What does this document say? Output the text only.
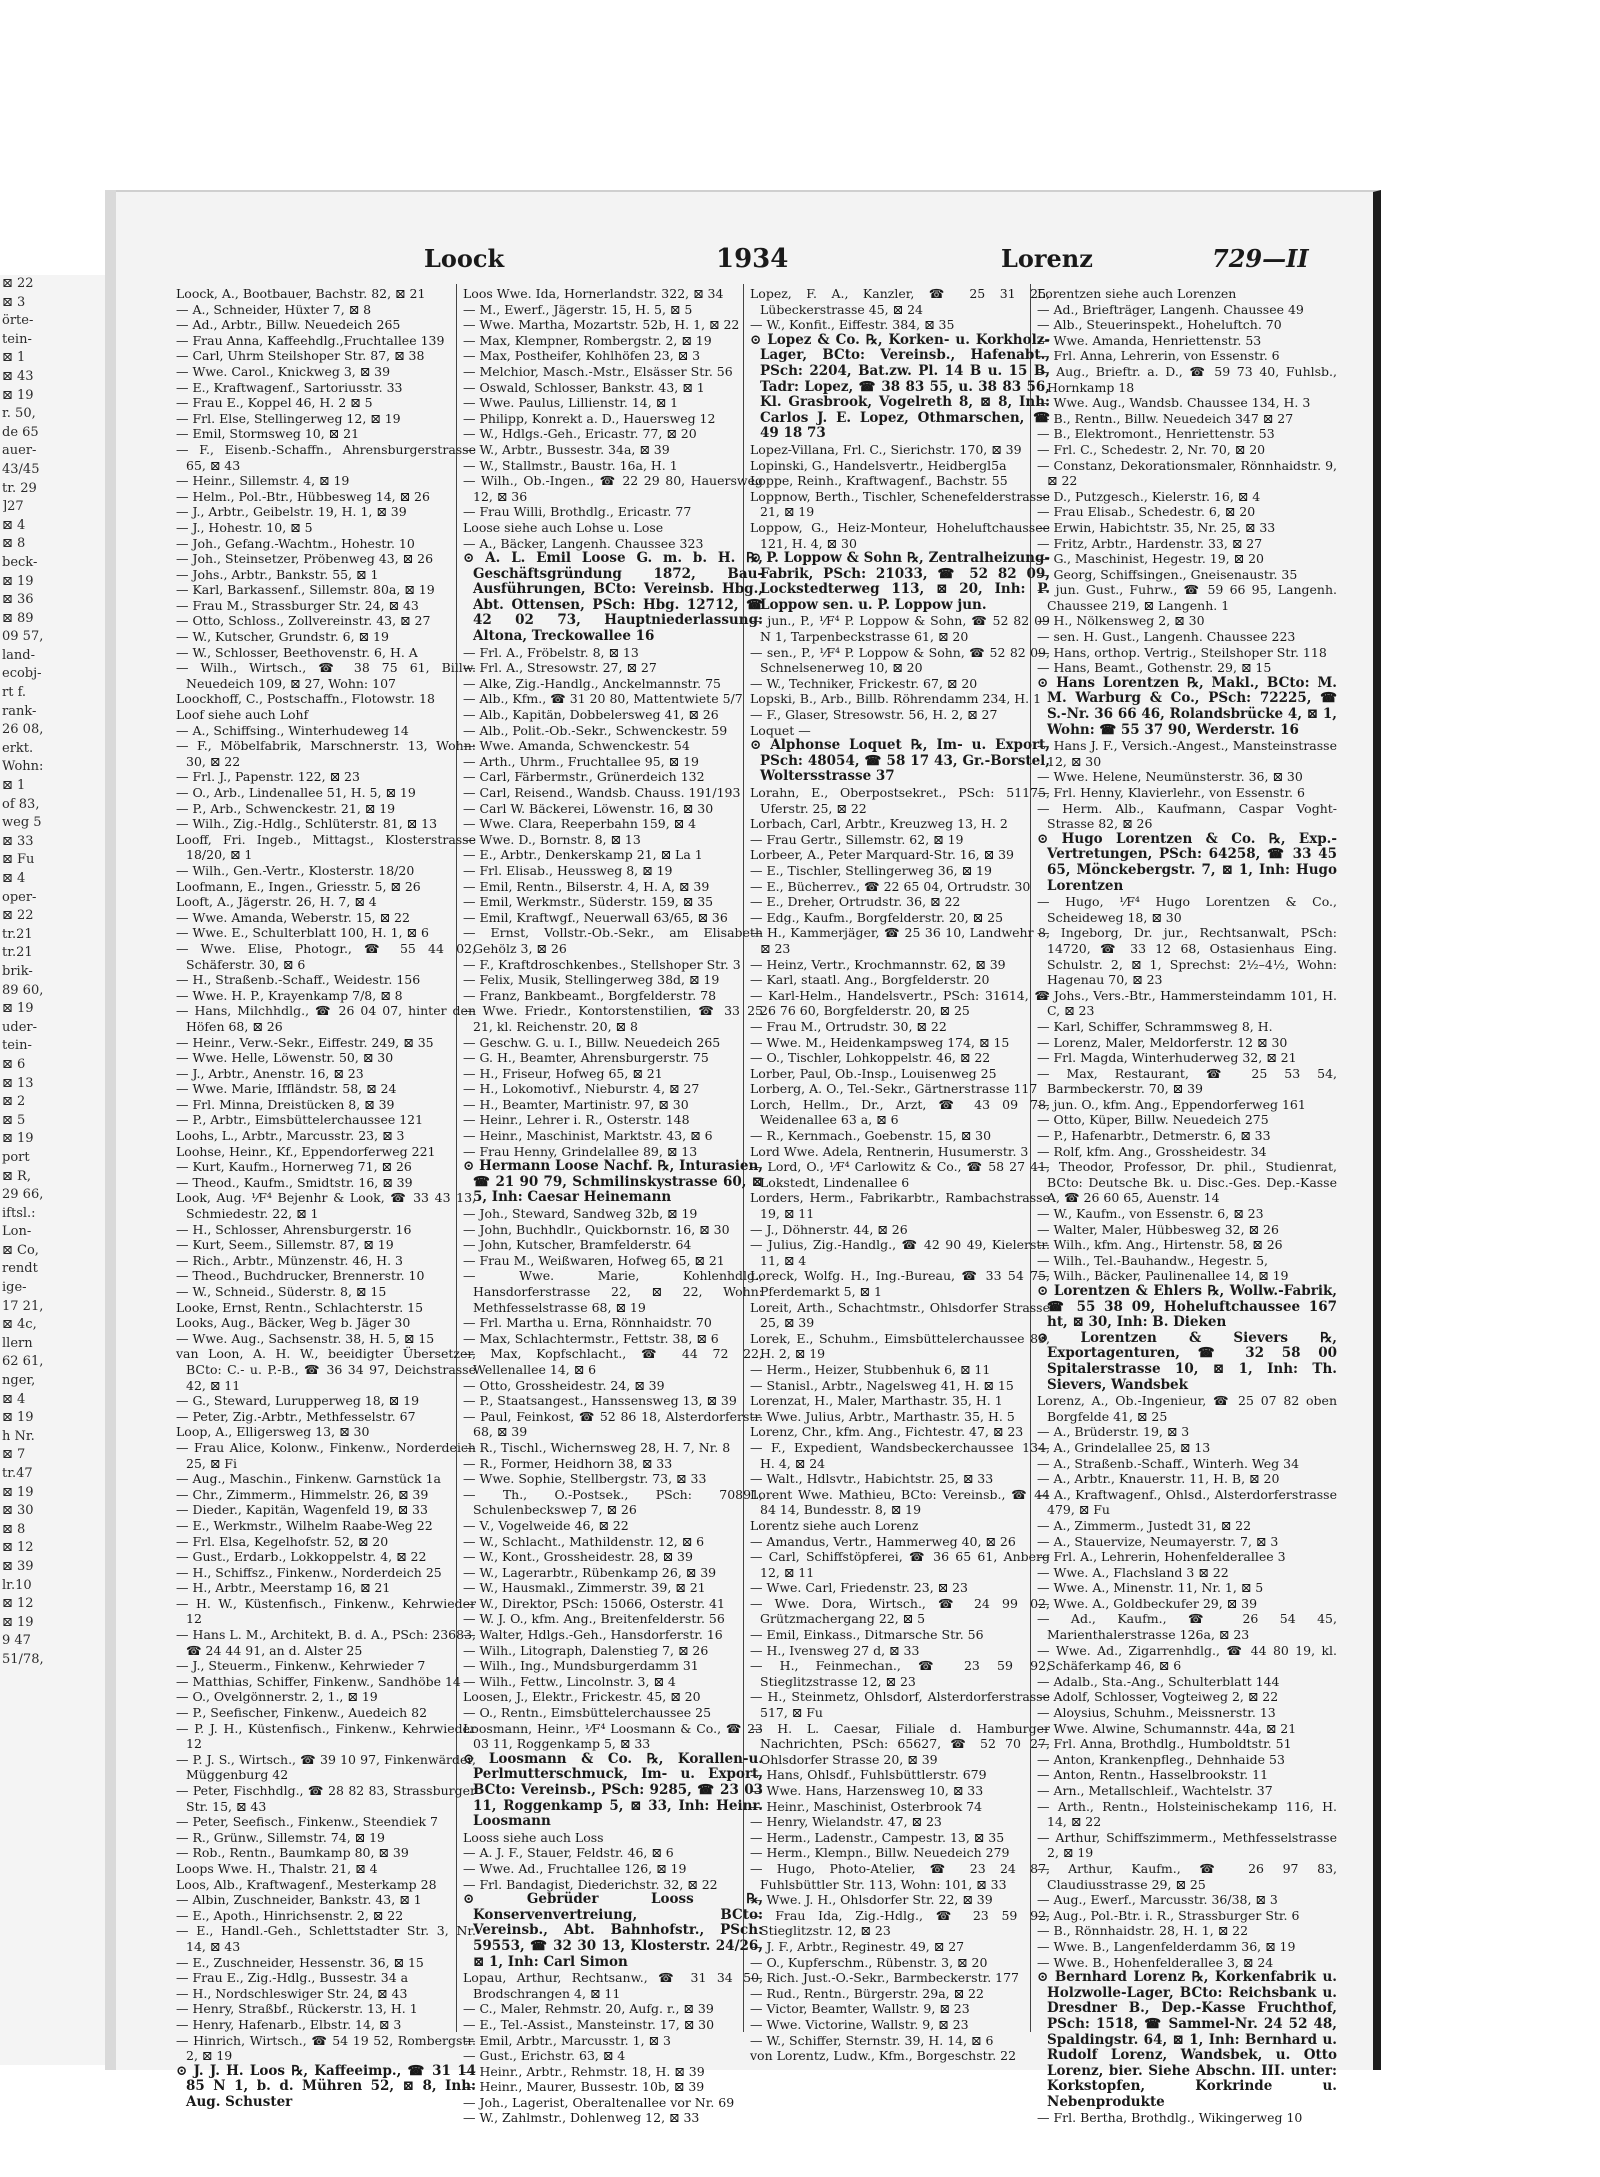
⊠ 22
⊠ 3
örte-
tein-
⊠ 1
⊠ 43
⊠ 19
r. 50,
de 65
auer-
43/45
tr. 29
]27
⊠ 4
⊠ 8
beck-
⊠ 19
⊠ 36
⊠ 89
09 57,
land-
ecobj-
rt f.
rank-
26 08,
erkt.
Wohn:
⊠ 1
of 83,
weg 5
⊠ 33
⊠ Fu
⊠ 4
oper-
⊠ 22
tr.21
tr.21
brik-
89 60,
⊠ 19
uder-
tein-
⊠ 6
⊠ 13
⊠ 2
⊠ 5
⊠ 19
port
⊠ R,
29 66,
iftsl.:
Lon-
⊠ Co,
rendt
ige-
17 21,
⊠ 4c,
llern
62 61,
nger,
⊠ 4
⊠ 19
h Nr.
⊠ 7
tr.47
⊠ 19
⊠ 30
⊠ 8
⊠ 12
⊠ 39
lr.10
⊠ 12
⊠ 19
9 47
51/78,
Loock	1934	Lorenz	729—II

Loock, A., Bootbauer, Bachstr. 82, ⊠ 21

— A., Schneider, Hüxter 7, ⊠ 8

— Ad., Arbtr., Billw. Neuedeich 265

— Frau Anna, Kaffeehdlg.,Fruchtallee 139

— Carl, Uhrm Steilshoper Str. 87, ⊠ 38

— Wwe. Carol., Knickweg 3, ⊠ 39

— E., Kraftwagenf., Sartoriusstr. 33

— Frau E., Koppel 46, H. 2 ⊠ 5

— Frl. Else, Stellingerweg 12, ⊠ 19

— Emil, Stormsweg 10, ⊠ 21

— F., Eisenb.-Schaffn., Ahrensburgerstrasse 65, ⊠ 43

— Heinr., Sillemstr. 4, ⊠ 19

— Helm., Pol.-Btr., Hübbesweg 14, ⊠ 26

— J., Arbtr., Geibelstr. 19, H. 1, ⊠ 39

— J., Hohestr. 10, ⊠ 5

— Joh., Gefang.-Wachtm., Hohestr. 10

— Joh., Steinsetzer, Pröbenweg 43, ⊠ 26

— Johs., Arbtr., Bankstr. 55, ⊠ 1

— Karl, Barkassenf., Sillemstr. 80a, ⊠ 19

— Frau M., Strassburger Str. 24, ⊠ 43

— Otto, Schloss., Zollvereinstr. 43, ⊠ 27

— W., Kutscher, Grundstr. 6, ⊠ 19

— W., Schlosser, Beethovenstr. 6, H. A

— Wilh., Wirtsch., ☎ 38 75 61, Billw. Neuedeich 109, ⊠ 27, Wohn: 107

Loockhoff, C., Postschaffn., Flotowstr. 18

Loof siehe auch Lohf

— A., Schiffsing., Winterhudeweg 14

— F., Möbelfabrik, Marschnerstr. 13, Wohn: 30, ⊠ 22

— Frl. J., Papenstr. 122, ⊠ 23

— O., Arb., Lindenallee 51, H. 5, ⊠ 19

— P., Arb., Schwenckestr. 21, ⊠ 19

— Wilh., Zig.-Hdlg., Schlüterstr. 81, ⊠ 13

Looff, Fri. Ingeb., Mittagst., Klosterstrasse 18/20, ⊠ 1

— Wilh., Gen.-Vertr., Klosterstr. 18/20

Loofmann, E., Ingen., Griesstr. 5, ⊠ 26

Looft, A., Jägerstr. 26, H. 7, ⊠ 4

— Wwe. Amanda, Weberstr. 15, ⊠ 22

— Wwe. E., Schulterblatt 100, H. 1, ⊠ 6

— Wwe. Elise, Photogr., ☎ 55 44 02, Schäferstr. 30, ⊠ 6

— H., Straßenb.-Schaff., Weidestr. 156

— Wwe. H. P., Krayenkamp 7/8, ⊠ 8

— Hans, Milchhdlg., ☎ 26 04 07, hinter den Höfen 68, ⊠ 26

— Heinr., Verw.-Sekr., Eiffestr. 249, ⊠ 35

— Wwe. Helle, Löwenstr. 50, ⊠ 30

— J., Arbtr., Anenstr. 16, ⊠ 23

— Wwe. Marie, Iffländstr. 58, ⊠ 24

— Frl. Minna, Dreistücken 8, ⊠ 39

— P., Arbtr., Eimsbüttelerchaussee 121

Loohs, L., Arbtr., Marcusstr. 23, ⊠ 3

Loohse, Heinr., Kf., Eppendorferweg 221

— Kurt, Kaufm., Hornerweg 71, ⊠ 26

— Theod., Kaufm., Smidtstr. 16, ⊠ 39

Look, Aug. ⅟F⁴ Bejenhr & Look, ☎ 33 43 13, Schmiedestr. 22, ⊠ 1

— H., Schlosser, Ahrensburgerstr. 16

— Kurt, Seem., Sillemstr. 87, ⊠ 19

— Rich., Arbtr., Münzenstr. 46, H. 3

— Theod., Buchdrucker, Brennerstr. 10

— W., Schneid., Süderstr. 8, ⊠ 15

Looke, Ernst, Rentn., Schlachterstr. 15

Looks, Aug., Bäcker, Weg b. Jäger 30

— Wwe. Aug., Sachsenstr. 38, H. 5, ⊠ 15

van Loon, A. H. W., beeidigter Übersetzer, BCto: C.- u. P.-B., ☎ 36 34 97, Deichstrasse 42, ⊠ 11

— G., Steward, Lurupperweg 18, ⊠ 19

— Peter, Zig.-Arbtr., Methfesselstr. 67

Loop, A., Elligersweg 13, ⊠ 30

— Frau Alice, Kolonw., Finkenw., Norderdeich 25, ⊠ Fi

— Aug., Maschin., Finkenw. Garnstück 1a

— Chr., Zimmerm., Himmelstr. 26, ⊠ 39

— Dieder., Kapitän, Wagenfeld 19, ⊠ 33

— E., Werkmstr., Wilhelm Raabe-Weg 22

— Frl. Elsa, Kegelhofstr. 52, ⊠ 20

— Gust., Erdarb., Lokkoppelstr. 4, ⊠ 22

— H., Schiffsz., Finkenw., Norderdeich 25

— H., Arbtr., Meerstamp 16, ⊠ 21

— H. W., Küstenfisch., Finkenw., Kehrwieder 12

— Hans L. M., Architekt, B. d. A., PSch: 23683, ☎ 24 44 91, an d. Alster 25

— J., Steuerm., Finkenw., Kehrwieder 7

— Matthias, Schiffer, Finkenw., Sandhöbe 14

— O., Ovelgönnerstr. 2, 1., ⊠ 19

— P., Seefischer, Finkenw., Auedeich 82

— P. J. H., Küstenfisch., Finkenw., Kehrwieder 12

— P. J. S., Wirtsch., ☎ 39 10 97, Finkenwärder, Müggenburg 42

— Peter, Fischhdlg., ☎ 28 82 83, Strassburger Str. 15, ⊠ 43

— Peter, Seefisch., Finkenw., Steendiek 7

— R., Grünw., Sillemstr. 74, ⊠ 19

— Rob., Rentn., Baumkamp 80, ⊠ 39

Loops Wwe. H., Thalstr. 21, ⊠ 4

Loos, Alb., Kraftwagenf., Mesterkamp 28

— Albin, Zuschneider, Bankstr. 43, ⊠ 1

— E., Apoth., Hinrichsenstr. 2, ⊠ 22

— E., Handl.-Geh., Schlettstadter Str. 3, Nr. 14, ⊠ 43

— E., Zuschneider, Hessenstr. 36, ⊠ 15

— Frau E., Zig.-Hdlg., Bussestr. 34 a

— H., Nordschleswiger Str. 24, ⊠ 43

— Henry, Straßbf., Rückerstr. 13, H. 1

— Henry, Hafenarb., Elbstr. 14, ⊠ 3

— Hinrich, Wirtsch., ☎ 54 19 52, Rombergstr. 2, ⊠ 19

⊙ J. J. H. Loos ℞, Kaffeeimp., ☎ 31 14 85 N 1, b. d. Mühren 52, ⊠ 8, Inh: Aug. Schuster

Loos Wwe. Ida, Hornerlandstr. 322, ⊠ 34

— M., Ewerf., Jägerstr. 15, H. 5, ⊠ 5

— Wwe. Martha, Mozartstr. 52b, H. 1, ⊠ 22

— Max, Klempner, Rombergstr. 2, ⊠ 19

— Max, Postheifer, Kohlhöfen 23, ⊠ 3

— Melchior, Masch.-Mstr., Elsässer Str. 56

— Oswald, Schlosser, Bankstr. 43, ⊠ 1

— Wwe. Paulus, Lillienstr. 14, ⊠ 1

— Philipp, Konrekt a. D., Hauersweg 12

— W., Hdlgs.-Geh., Ericastr. 77, ⊠ 20

— W., Arbtr., Bussestr. 34a, ⊠ 39

— W., Stallmstr., Baustr. 16a, H. 1

— Wilh., Ob.-Ingen., ☎ 22 29 80, Hauersweg 12, ⊠ 36

— Frau Willi, Brothdlg., Ericastr. 77

Loose siehe auch Lohse u. Lose

— A., Bäcker, Langenh. Chaussee 323

⊙ A. L. Emil Loose G. m. b. H. ℞, Geschäftsgründung 1872, Bau-Ausführungen, BCto: Vereinsb. Hbg., Abt. Ottensen, PSch: Hbg. 12712, ☎ 42 02 73, Hauptniederlassung: Altona, Treckowallee 16

— Frl. A., Fröbelstr. 8, ⊠ 13

— Frl. A., Stresowstr. 27, ⊠ 27

— Alke, Zig.-Handlg., Anckelmannstr. 75

— Alb., Kfm., ☎ 31 20 80, Mattentwiete 5/7

— Alb., Kapitän, Dobbelersweg 41, ⊠ 26

— Alb., Polit.-Ob.-Sekr., Schwenckestr. 59

— Wwe. Amanda, Schwenckestr. 54

— Arth., Uhrm., Fruchtallee 95, ⊠ 19

— Carl, Färbermstr., Grünerdeich 132

— Carl, Reisend., Wandsb. Chauss. 191/193

— Carl W. Bäckerei, Löwenstr. 16, ⊠ 30

— Wwe. Clara, Reeperbahn 159, ⊠ 4

— Wwe. D., Bornstr. 8, ⊠ 13

— E., Arbtr., Denkerskamp 21, ⊠ La 1

— Frl. Elisab., Heussweg 8, ⊠ 19

— Emil, Rentn., Bilserstr. 4, H. A, ⊠ 39

— Emil, Werkmstr., Süderstr. 159, ⊠ 35

— Emil, Kraftwgf., Neuerwall 63/65, ⊠ 36

— Ernst, Vollstr.-Ob.-Sekr., am Elisabeth Gehölz 3, ⊠ 26

— F., Kraftdroschkenbes., Stellshoper Str. 3

— Felix, Musik, Stellingerweg 38d, ⊠ 19

— Franz, Bankbeamt., Borgfelderstr. 78

— Wwe. Friedr., Kontorstenstilien, ☎ 33 25 21, kl. Reichenstr. 20, ⊠ 8

— Geschw. G. u. I., Billw. Neuedeich 265

— G. H., Beamter, Ahrensburgerstr. 75

— H., Friseur, Hofweg 65, ⊠ 21

— H., Lokomotivf., Nieburstr. 4, ⊠ 27

— H., Beamter, Martinistr. 97, ⊠ 30

— Heinr., Lehrer i. R., Osterstr. 148

— Heinr., Maschinist, Marktstr. 43, ⊠ 6

— Frau Henny, Grindelallee 89, ⊠ 13

⊙ Hermann Loose Nachf. ℞, Inturasien, ☎ 21 90 79, Schmilinskystrasse 60, ⊠ 5, Inh: Caesar Heinemann

— Joh., Steward, Sandweg 32b, ⊠ 19

— John, Buchhdlr., Quickbornstr. 16, ⊠ 30

— John, Kutscher, Bramfelderstr. 64

— Frau M., Weißwaren, Hofweg 65, ⊠ 21

— Wwe. Marie, Kohlenhdlg., Hansdorferstrasse 22, ⊠ 22, Wohn: Methfesselstrasse 68, ⊠ 19

— Frl. Martha u. Erna, Rönnhaidstr. 70

— Max, Schlachtermstr., Fettstr. 38, ⊠ 6

— Max, Kopfschlacht., ☎ 44 72 22, Wellenallee 14, ⊠ 6

— Otto, Grossheidestr. 24, ⊠ 39

— P., Staatsangest., Hanssensweg 13, ⊠ 39

— Paul, Feinkost, ☎ 52 86 18, Alsterdorferstr. 68, ⊠ 39

— R., Tischl., Wichernsweg 28, H. 7, Nr. 8

— R., Former, Heidhorn 38, ⊠ 33

— Wwe. Sophie, Stellbergstr. 73, ⊠ 33

— Th., O.-Postsek., PSch: 70891, Schulenbeckswep 7, ⊠ 26

— V., Vogelweide 46, ⊠ 22

— W., Schlacht., Mathildenstr. 12, ⊠ 6

— W., Kont., Grossheidestr. 28, ⊠ 39

— W., Lagerarbtr., Rübenkamp 26, ⊠ 39

— W., Hausmakl., Zimmerstr. 39, ⊠ 21

— W., Direktor, PSch: 15066, Osterstr. 41

— W. J. O., kfm. Ang., Breitenfelderstr. 56

— Walter, Hdlgs.-Geh., Hansdorferstr. 16

— Wilh., Litograph, Dalenstieg 7, ⊠ 26

— Wilh., Ing., Mundsburgerdamm 31

— Wilh., Fettw., Lincolnstr. 3, ⊠ 4

Loosen, J., Elektr., Frickestr. 45, ⊠ 20

— O., Rentn., Eimsbüttelerchaussee 25

Loosmann, Heinr., ⅟F⁴ Loosmann & Co., ☎ 23 03 11, Roggenkamp 5, ⊠ 33

⊙ Loosmann & Co. ℞, Korallen-u. Perlmutterschmuck, Im- u. Export, BCto: Vereinsb., PSch: 9285, ☎ 23 03 11, Roggenkamp 5, ⊠ 33, Inh: Heinr. Loosmann

Looss siehe auch Loss

— A. J. F., Stauer, Feldstr. 46, ⊠ 6

— Wwe. Ad., Fruchtallee 126, ⊠ 19

— Frl. Bandagist, Diederichstr. 32, ⊠ 22

⊙ Gebrüder Looss ℞, Konservenvertreiung, BCto: Vereinsb., Abt. Bahnhofstr., PSch: 59553, ☎ 32 30 13, Klosterstr. 24/26, ⊠ 1, Inh: Carl Simon

Lopau, Arthur, Rechtsanw., ☎ 31 34 50, Brodschrangen 4, ⊠ 11

— C., Maler, Rehmstr. 20, Aufg. r., ⊠ 39

— E., Tel.-Assist., Mansteinstr. 17, ⊠ 30

— Emil, Arbtr., Marcusstr. 1, ⊠ 3

— Gust., Erichstr. 63, ⊠ 4

— Heinr., Arbtr., Rehmstr. 18, H. ⊠ 39

— Heinr., Maurer, Bussestr. 10b, ⊠ 39

— Joh., Lagerist, Oberaltenallee vor Nr. 69

— W., Zahlmstr., Dohlenweg 12, ⊠ 33

Lopez, F. A., Kanzler, ☎ 25 31 25, Lübeckerstrasse 45, ⊠ 24

— W., Konfit., Eiffestr. 384, ⊠ 35

⊙ Lopez & Co. ℞, Korken- u. Korkholz-Lager, BCto: Vereinsb., Hafenabt., PSch: 2204, Bat.zw. Pl. 14 B u. 15 B, Tadr: Lopez, ☎ 38 83 55, u. 38 83 56, Kl. Grasbrook, Vogelreth 8, ⊠ 8, Inh: Carlos J. E. Lopez, Othmarschen, ☎ 49 18 73

Lopez-Villana, Frl. C., Sierichstr. 170, ⊠ 39

Lopinski, G., Handelsvertr., Heidbergl5a

Loppe, Reinh., Kraftwagenf., Bachstr. 55

Loppnow, Berth., Tischler, Schenefelderstrasse 21, ⊠ 19

Loppow, G., Heiz-Monteur, Hoheluftchaussee 121, H. 4, ⊠ 30

⊙ P. Loppow & Sohn ℞, Zentralheizung-Fabrik, PSch: 21033, ☎ 52 82 09, Lockstedterweg 113, ⊠ 20, Inh: P. Loppow sen. u. P. Loppow jun.

— jun., P., ⅟F⁴ P. Loppow & Sohn, ☎ 52 82 09 N 1, Tarpenbeckstrasse 61, ⊠ 20

— sen., P., ⅟F⁴ P. Loppow & Sohn, ☎ 52 82 09, Schnelsenerweg 10, ⊠ 20

— W., Techniker, Frickestr. 67, ⊠ 20

Lopski, B., Arb., Billb. Röhrendamm 234, H. 1

— F., Glaser, Stresowstr. 56, H. 2, ⊠ 27

Loquet —

⊙ Alphonse Loquet ℞, Im- u. Export, PSch: 48054, ☎ 58 17 43, Gr.-Borstel, Woltersstrasse 37

Lorahn, E., Oberpostsekret., PSch: 51175, Uferstr. 25, ⊠ 22

Lorbach, Carl, Arbtr., Kreuzweg 13, H. 2

— Frau Gertr., Sillemstr. 62, ⊠ 19

Lorbeer, A., Peter Marquard-Str. 16, ⊠ 39

— E., Tischler, Stellingerweg 36, ⊠ 19

— E., Bücherrev., ☎ 22 65 04, Ortrudstr. 30

— E., Dreher, Ortrudstr. 36, ⊠ 22

— Edg., Kaufm., Borgfelderstr. 20, ⊠ 25

— H., Kammerjäger, ☎ 25 36 10, Landwehr 8, ⊠ 23

— Heinz, Vertr., Krochmannstr. 62, ⊠ 39

— Karl, staatl. Ang., Borgfelderstr. 20

— Karl-Helm., Handelsvertr., PSch: 31614, ☎ 26 76 60, Borgfelderstr. 20, ⊠ 25

— Frau M., Ortrudstr. 30, ⊠ 22

— Wwe. M., Heidenkampsweg 174, ⊠ 15

— O., Tischler, Lohkoppelstr. 46, ⊠ 22

Lorber, Paul, Ob.-Insp., Louisenweg 25

Lorberg, A. O., Tel.-Sekr., Gärtnerstrasse 117

Lorch, Hellm., Dr., Arzt, ☎ 43 09 78, Weidenallee 63 a, ⊠ 6

— R., Kernmach., Goebenstr. 15, ⊠ 30

Lord Wwe. Adela, Rentnerin, Husumerstr. 3

— Lord, O., ⅟F⁴ Carlowitz & Co., ☎ 58 27 41, Lokstedt, Lindenallee 6

Lorders, Herm., Fabrikarbtr., Rambachstrasse 19, ⊠ 11

— J., Döhnerstr. 44, ⊠ 26

— Julius, Zig.-Handlg., ☎ 42 90 49, Kielerstr. 11, ⊠ 4

Loreck, Wolfg. H., Ing.-Bureau, ☎ 33 54 75, Pferdemarkt 5, ⊠ 1

Loreit, Arth., Schachtmstr., Ohlsdorfer Strasse 25, ⊠ 39

Lorek, E., Schuhm., Eimsbüttelerchaussee 89, H. 2, ⊠ 19

— Herm., Heizer, Stubbenhuk 6, ⊠ 11

— Stanisl., Arbtr., Nagelsweg 41, H. ⊠ 15

Lorenzat, H., Maler, Marthastr. 35, H. 1

— Wwe. Julius, Arbtr., Marthastr. 35, H. 5

Lorenz, Chr., kfm. Ang., Fichtestr. 47, ⊠ 23

— F., Expedient, Wandsbeckerchaussee 134, H. 4, ⊠ 24

— Walt., Hdlsvtr., Habichtstr. 25, ⊠ 33

Lorent Wwe. Mathieu, BCto: Vereinsb., ☎ 44 84 14, Bundesstr. 8, ⊠ 19

Lorentz siehe auch Lorenz

— Amandus, Vertr., Hammerweg 40, ⊠ 26

— Carl, Schiffstöpferei, ☎ 36 65 61, Anberg 12, ⊠ 11

— Wwe. Carl, Friedenstr. 23, ⊠ 23

— Wwe. Dora, Wirtsch., ☎ 24 99 02, Grützmachergang 22, ⊠ 5

— Emil, Einkass., Ditmarsche Str. 56

— H., Ivensweg 27 d, ⊠ 33

— H., Feinmechan., ☎ 23 59 92, Stieglitzstrasse 12, ⊠ 23

— H., Steinmetz, Ohlsdorf, Alsterdorferstrasse 517, ⊠ Fu

— H. L. Caesar, Filiale d. Hamburger Nachrichten, PSch: 65627, ☎ 52 70 27, Ohlsdorfer Strasse 20, ⊠ 39

— Hans, Ohlsdf., Fuhlsbüttlerstr. 679

— Wwe. Hans, Harzensweg 10, ⊠ 33

— Heinr., Maschinist, Osterbrook 74

— Henry, Wielandstr. 47, ⊠ 23

— Herm., Ladenstr., Campestr. 13, ⊠ 35

— Herm., Klempn., Billw. Neuedeich 279

— Hugo, Photo-Atelier, ☎ 23 24 87, Fuhlsbüttler Str. 113, Wohn: 101, ⊠ 33

— Wwe. J. H., Ohlsdorfer Str. 22, ⊠ 39

— Frau Ida, Zig.-Hdlg., ☎ 23 59 92, Stieglitzstr. 12, ⊠ 23

— J. F., Arbtr., Reginestr. 49, ⊠ 27

— O., Kupferschm., Rübenstr. 3, ⊠ 20

— Rich. Just.-O.-Sekr., Barmbeckerstr. 177

— Rud., Rentn., Bürgerstr. 29a, ⊠ 22

— Victor, Beamter, Wallstr. 9, ⊠ 23

— Wwe. Victorine, Wallstr. 9, ⊠ 23

— W., Schiffer, Sternstr. 39, H. 14, ⊠ 6

von Lorentz, Ludw., Kfm., Borgeschstr. 22

Lorentzen siehe auch Lorenzen

— Ad., Briefträger, Langenh. Chaussee 49

— Alb., Steuerinspekt., Hoheluftch. 70

— Wwe. Amanda, Henriettenstr. 53

— Frl. Anna, Lehrerin, von Essenstr. 6

— Aug., Brieftr. a. D., ☎ 59 73 40, Fuhlsb., Hornkamp 18

— Wwe. Aug., Wandsb. Chaussee 134, H. 3

— B., Rentn., Billw. Neuedeich 347 ⊠ 27

— B., Elektromont., Henriettenstr. 53

— Frl. C., Schedestr. 2, Nr. 70, ⊠ 20

— Constanz, Dekorationsmaler, Rönnhaidstr. 9, ⊠ 22

— D., Putzgesch., Kielerstr. 16, ⊠ 4

— Frau Elisab., Schedestr. 6, ⊠ 20

— Erwin, Habichtstr. 35, Nr. 25, ⊠ 33

— Fritz, Arbtr., Hardenstr. 33, ⊠ 27

— G., Maschinist, Hegestr. 19, ⊠ 20

— Georg, Schiffsingen., Gneisenaustr. 35

— jun. Gust., Fuhrw., ☎ 59 66 95, Langenh. Chaussee 219, ⊠ Langenh. 1

— H., Nölkensweg 2, ⊠ 30

— sen. H. Gust., Langenh. Chaussee 223

— Hans, orthop. Vertrig., Steilshoper Str. 118

— Hans, Beamt., Gothenstr. 29, ⊠ 15

⊙ Hans Lorentzen ℞, Makl., BCto: M. M. Warburg & Co., PSch: 72225, ☎ S.-Nr. 36 66 46, Rolandsbrücke 4, ⊠ 1, Wohn: ☎ 55 37 90, Werderstr. 16

— Hans J. F., Versich.-Angest., Mansteinstrasse 12, ⊠ 30

— Wwe. Helene, Neumünsterstr. 36, ⊠ 30

— Frl. Henny, Klavierlehr., von Essenstr. 6

— Herm. Alb., Kaufmann, Caspar Voght-Strasse 82, ⊠ 26

⊙ Hugo Lorentzen & Co. ℞, Exp.-Vertretungen, PSch: 64258, ☎ 33 45 65, Mönckebergstr. 7, ⊠ 1, Inh: Hugo Lorentzen

— Hugo, ⅟F⁴ Hugo Lorentzen & Co., Scheideweg 18, ⊠ 30

— Ingeborg, Dr. jur., Rechtsanwalt, PSch: 14720, ☎ 33 12 68, Ostasienhaus Eing. Schulstr. 2, ⊠ 1, Sprechst: 2½–4½, Wohn: Hagenau 70, ⊠ 23

— Johs., Vers.-Btr., Hammersteindamm 101, H. C, ⊠ 23

— Karl, Schiffer, Schrammsweg 8, H.

— Lorenz, Maler, Meldorferstr. 12 ⊠ 30

— Frl. Magda, Winterhuderweg 32, ⊠ 21

— Max, Restaurant, ☎ 25 53 54, Barmbeckerstr. 70, ⊠ 39

— jun. O., kfm. Ang., Eppendorferweg 161

— Otto, Küper, Billw. Neuedeich 275

— P., Hafenarbtr., Detmerstr. 6, ⊠ 33

— Rolf, kfm. Ang., Grossheidestr. 34

— Theodor, Professor, Dr. phil., Studienrat, BCto: Deutsche Bk. u. Disc.-Ges. Dep.-Kasse A, ☎ 26 60 65, Auenstr. 14

— W., Kaufm., von Essenstr. 6, ⊠ 23

— Walter, Maler, Hübbesweg 32, ⊠ 26

— Wilh., kfm. Ang., Hirtenstr. 58, ⊠ 26

— Wilh., Tel.-Bauhandw., Hegestr. 5,

— Wilh., Bäcker, Paulinenallee 14, ⊠ 19

⊙ Lorentzen & Ehlers ℞, Wollw.-Fabrik, ☎ 55 38 09, Hoheluftchaussee 167 ht, ⊠ 30, Inh: B. Dieken

⊙ Lorentzen & Sievers ℞, Exportagenturen, ☎ 32 58 00 Spitalerstrasse 10, ⊠ 1, Inh: Th. Sievers, Wandsbek

Lorenz, A., Ob.-Ingenieur, ☎ 25 07 82 oben Borgfelde 41, ⊠ 25

— A., Brüderstr. 19, ⊠ 3

— A., Grindelallee 25, ⊠ 13

— A., Straßenb.-Schaff., Winterh. Weg 34

— A., Arbtr., Knauerstr. 11, H. B, ⊠ 20

— A., Kraftwagenf., Ohlsd., Alsterdorferstrasse 479, ⊠ Fu

— A., Zimmerm., Justedt 31, ⊠ 22

— A., Stauervize, Neumayerstr. 7, ⊠ 3

— Frl. A., Lehrerin, Hohenfelderallee 3

— Wwe. A., Flachsland 3 ⊠ 22

— Wwe. A., Minenstr. 11, Nr. 1, ⊠ 5

— Wwe. A., Goldbeckufer 29, ⊠ 39

— Ad., Kaufm., ☎ 26 54 45, Marienthalerstrasse 126a, ⊠ 23

— Wwe. Ad., Zigarrenhdlg., ☎ 44 80 19, kl. Schäferkamp 46, ⊠ 6

— Adalb., Sta.-Ang., Schulterblatt 144

— Adolf, Schlosser, Vogteiweg 2, ⊠ 22

— Aloysius, Schuhm., Meissnerstr. 13

— Wwe. Alwine, Schumannstr. 44a, ⊠ 21

— Frl. Anna, Brothdlg., Humboldtstr. 51

— Anton, Krankenpfleg., Dehnhaide 53

— Anton, Rentn., Hasselbrookstr. 11

— Arn., Metallschleif., Wachtelstr. 37

— Arth., Rentn., Holsteinischekamp 116, H. 14, ⊠ 22

— Arthur, Schiffszimmerm., Methfesselstrasse 2, ⊠ 19

— Arthur, Kaufm., ☎ 26 97 83, Claudiusstrasse 29, ⊠ 25

— Aug., Ewerf., Marcusstr. 36/38, ⊠ 3

— Aug., Pol.-Btr. i. R., Strassburger Str. 6

— B., Rönnhaidstr. 28, H. 1, ⊠ 22

— Wwe. B., Langenfelderdamm 36, ⊠ 19

— Wwe. B., Hohenfelderallee 3, ⊠ 24

⊙ Bernhard Lorenz ℞, Korkenfabrik u. Holzwolle-Lager, BCto: Reichsbank u. Dresdner B., Dep.-Kasse Fruchthof, PSch: 1518, ☎ Sammel-Nr. 24 52 48, Spaldingstr. 64, ⊠ 1, Inh: Bernhard u. Rudolf Lorenz, Wandsbek, u. Otto Lorenz, bier. Siehe Abschn. III. unter: Korkstopfen, Korkrinde u. Nebenprodukte

— Frl. Bertha, Brothdlg., Wikingerweg 10
